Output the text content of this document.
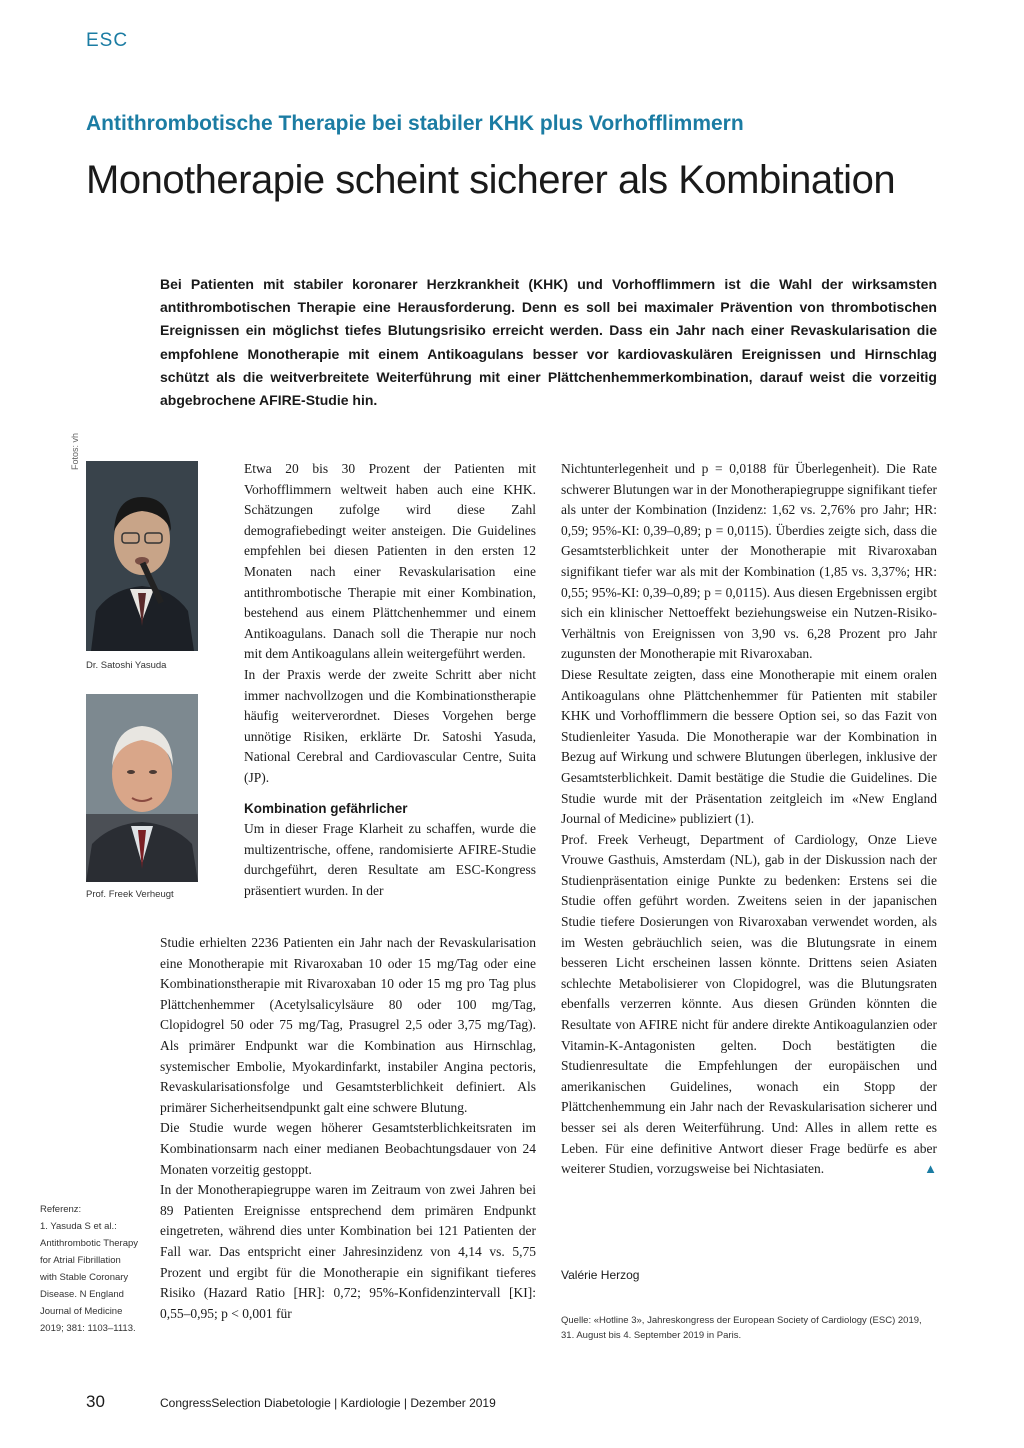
ESC
Antithrombotische Therapie bei stabiler KHK plus Vorhofflimmern
Monotherapie scheint sicherer als Kombination
Bei Patienten mit stabiler koronarer Herzkrankheit (KHK) und Vorhofflimmern ist die Wahl der wirksamsten antithrombotischen Therapie eine Herausforderung. Denn es soll bei maximaler Prävention von thrombotischen Ereignissen ein möglichst tiefes Blutungsrisiko erreicht werden. Dass ein Jahr nach einer Revaskularisation die empfohlene Monotherapie mit einem Antikoagulans besser vor kardiovaskulären Ereignissen und Hirnschlag schützt als die weitverbreitete Weiterführung mit einer Plättchenhemmerkombination, darauf weist die vorzeitig abgebrochene AFIRE-Studie hin.
Fotos: vh
Dr. Satoshi Yasuda
Prof. Freek Verheugt

Etwa 20 bis 30 Prozent der Patienten mit Vorhofflimmern weltweit haben auch eine KHK. Schätzungen zufolge wird diese Zahl demografiebedingt weiter ansteigen. Die Guidelines empfehlen bei diesen Patienten in den ersten 12 Monaten nach einer Revaskularisation eine antithrombotische Therapie mit einer Kombination, bestehend aus einem Plättchenhemmer und einem Antikoagulans. Danach soll die Therapie nur noch mit dem Antikoagulans allein weitergeführt werden.

In der Praxis werde der zweite Schritt aber nicht immer nachvollzogen und die Kombinationstherapie häufig weiterverordnet. Dieses Vorgehen berge unnötige Risiken, erklärte Dr. Satoshi Yasuda, National Cerebral and Cardiovascular Centre, Suita (JP).

Kombination gefährlicher

Um in dieser Frage Klarheit zu schaffen, wurde die multizentrische, offene, randomisierte AFIRE-Studie durchgeführt, deren Resultate am ESC-Kongress präsentiert wurden. In der

Studie erhielten 2236 Patienten ein Jahr nach der Revaskularisation eine Monotherapie mit Rivaroxaban 10 oder 15 mg/Tag oder eine Kombinationstherapie mit Rivaroxaban 10 oder 15 mg pro Tag plus Plättchenhemmer (Acetylsalicylsäure 80 oder 100 mg/Tag, Clopidogrel 50 oder 75 mg/Tag, Prasugrel 2,5 oder 3,75 mg/Tag). Als primärer Endpunkt war die Kombination aus Hirnschlag, systemischer Embolie, Myokardinfarkt, instabiler Angina pectoris, Revaskularisationsfolge und Gesamtsterblichkeit definiert. Als primärer Sicherheitsendpunkt galt eine schwere Blutung.

Die Studie wurde wegen höherer Gesamtsterblichkeitsraten im Kombinationsarm nach einer medianen Beobachtungsdauer von 24 Monaten vorzeitig gestoppt.

In der Monotherapiegruppe waren im Zeitraum von zwei Jahren bei 89 Patienten Ereignisse entsprechend dem primären Endpunkt eingetreten, während dies unter Kombination bei 121 Patienten der Fall war. Das entspricht einer Jahresinzidenz von 4,14 vs. 5,75 Prozent und ergibt für die Monotherapie ein signifikant tieferes Risiko (Hazard Ratio [HR]: 0,72; 95%-Konfidenzintervall [KI]: 0,55–0,95; p < 0,001 für

Nichtunterlegenheit und p = 0,0188 für Überlegenheit). Die Rate schwerer Blutungen war in der Monotherapiegruppe signifikant tiefer als unter der Kombination (Inzidenz: 1,62 vs. 2,76% pro Jahr; HR: 0,59; 95%-KI: 0,39–0,89; p = 0,0115). Überdies zeigte sich, dass die Gesamtsterblichkeit unter der Monotherapie mit Rivaroxaban signifikant tiefer war als mit der Kombination (1,85 vs. 3,37%; HR: 0,55; 95%-KI: 0,39–0,89; p = 0,0115). Aus diesen Ergebnissen ergibt sich ein klinischer Nettoeffekt beziehungsweise ein Nutzen-Risiko-Verhältnis von Ereignissen von 3,90 vs. 6,28 Prozent pro Jahr zugunsten der Monotherapie mit Rivaroxaban.

Diese Resultate zeigten, dass eine Monotherapie mit einem oralen Antikoagulans ohne Plättchenhemmer für Patienten mit stabiler KHK und Vorhofflimmern die bessere Option sei, so das Fazit von Studienleiter Yasuda. Die Monotherapie war der Kombination in Bezug auf Wirkung und schwere Blutungen überlegen, inklusive der Gesamtsterblichkeit. Damit bestätige die Studie die Guidelines. Die Studie wurde mit der Präsentation zeitgleich im «New England Journal of Medicine» publiziert (1).

Prof. Freek Verheugt, Department of Cardiology, Onze Lieve Vrouwe Gasthuis, Amsterdam (NL), gab in der Diskussion nach der Studienpräsentation einige Punkte zu bedenken: Erstens sei die Studie offen geführt worden. Zweitens seien in der japanischen Studie tiefere Dosierungen von Rivaroxaban verwendet worden, als im Westen gebräuchlich seien, was die Blutungsrate in einem besseren Licht erscheinen lassen könnte. Drittens seien Asiaten schlechte Metabolisierer von Clopidogrel, was die Blutungsraten ebenfalls verzerren könnte. Aus diesen Gründen könnten die Resultate von AFIRE nicht für andere direkte Antikoagulanzien oder Vitamin-K-Antagonisten gelten. Doch bestätigten die Studienresultate die Empfehlungen der europäischen und amerikanischen Guidelines, wonach ein Stopp der Plättchenhemmung ein Jahr nach der Revaskularisation sicherer und besser sei als deren Weiterführung. Und: Alles in allem rette es Leben. Für eine definitive Antwort dieser Frage bedürfe es aber weiterer Studien, vorzugsweise bei Nichtasiaten.	▲

Valérie Herzog
Quelle: «Hotline 3», Jahreskongress der European Society of Cardiology (ESC) 2019, 31. August bis 4. September 2019 in Paris.
Referenz:
1. Yasuda S et al.: Antithrombotic Therapy for Atrial Fibrillation with Stable Coronary Disease. N England Journal of Medicine 2019; 381: 1103–1113.
30	CongressSelection Diabetologie | Kardiologie | Dezember 2019
